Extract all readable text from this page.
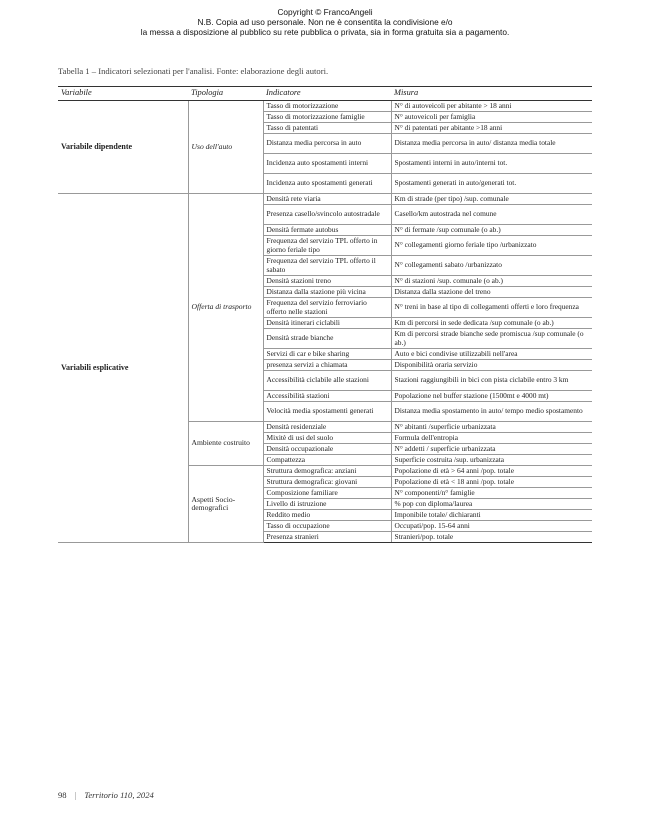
Copyright © FrancoAngeli
N.B. Copia ad uso personale. Non ne è consentita la condivisione e/o
la messa a disposizione al pubblico su rete pubblica o privata, sia in forma gratuita sia a pagamento.
Tabella 1 – Indicatori selezionati per l'analisi. Fonte: elaborazione degli autori.
Variabile	Tipologia	Indicatore	Misura
Variabile dipendente	Uso dell'auto	Tasso di motorizzazione	N° di autoveicoli per abitante > 18 anni
		Tasso di motorizzazione famiglie	N° autoveicoli per famiglia
		Tasso di patentati	N° di patentati per abitante >18 anni
		Distanza media percorsa in auto	Distanza media percorsa in auto/ distanza media totale
		Incidenza auto spostamenti interni	Spostamenti interni in auto/interni tot.
		Incidenza auto spostamenti generati	Spostamenti generati in auto/generati tot.
Variabili esplicative	Offerta di trasporto	Densità rete viaria	Km di strade (per tipo) /sup. comunale
		Presenza casello/svincolo autostradale	Casello/km autostrada nel comune
		Densità fermate autobus	N° di fermate /sup comunale (o ab.)
		Frequenza del servizio TPL offerto in giorno feriale tipo	N° collegamenti giorno feriale tipo /urbanizzato
		Frequenza del servizio TPL offerto il sabato	N° collegamenti sabato /urbanizzato
		Densità stazioni treno	N° di stazioni /sup. comunale (o ab.)
		Distanza dalla stazione più vicina	Distanza dalla stazione del treno
		Frequenza del servizio ferroviario offerto nelle stazioni	N° treni in base al tipo di collegamenti offerti e loro frequenza
		Densità itinerari ciclabili	Km di percorsi in sede dedicata /sup comunale (o ab.)
		Densità strade bianche	Km di percorsi strade bianche sede promiscua /sup comunale (o ab.)
		Servizi di car e bike sharing	Auto e bici condivise utilizzabili nell'area
		presenza servizi a chiamata	Disponibilità oraria servizio
		Accessibilità ciclabile alle stazioni	Stazioni raggiungibili in bici con pista ciclabile entro 3 km
		Accessibilità stazioni	Popolazione nel buffer stazione (1500mt e 4000 mt)
		Velocità media spostamenti generati	Distanza media spostamento in auto/ tempo medio spostamento
	Ambiente costruito	Densità residenziale	N° abitanti /superficie urbanizzata
		Mixitè di usi del suolo	Formula dell'entropia
		Densità occupazionale	N° addetti / superficie urbanizzata
		Compattezza	Superficie costruita /sup. urbanizzata
	Aspetti Socio-demografici	Struttura demografica: anziani	Popolazione di età > 64 anni /pop. totale
		Struttura demografica: giovani	Popolazione di età < 18 anni /pop. totale
		Composizione familiare	N° componenti/n° famiglie
		Livello di istruzione	% pop con diploma/laurea
		Reddito medio	Imponibile totale/ dichiaranti
		Tasso di occupazione	Occupati/pop. 15-64 anni
		Presenza stranieri	Stranieri/pop. totale
98 | Territorio 110, 2024
